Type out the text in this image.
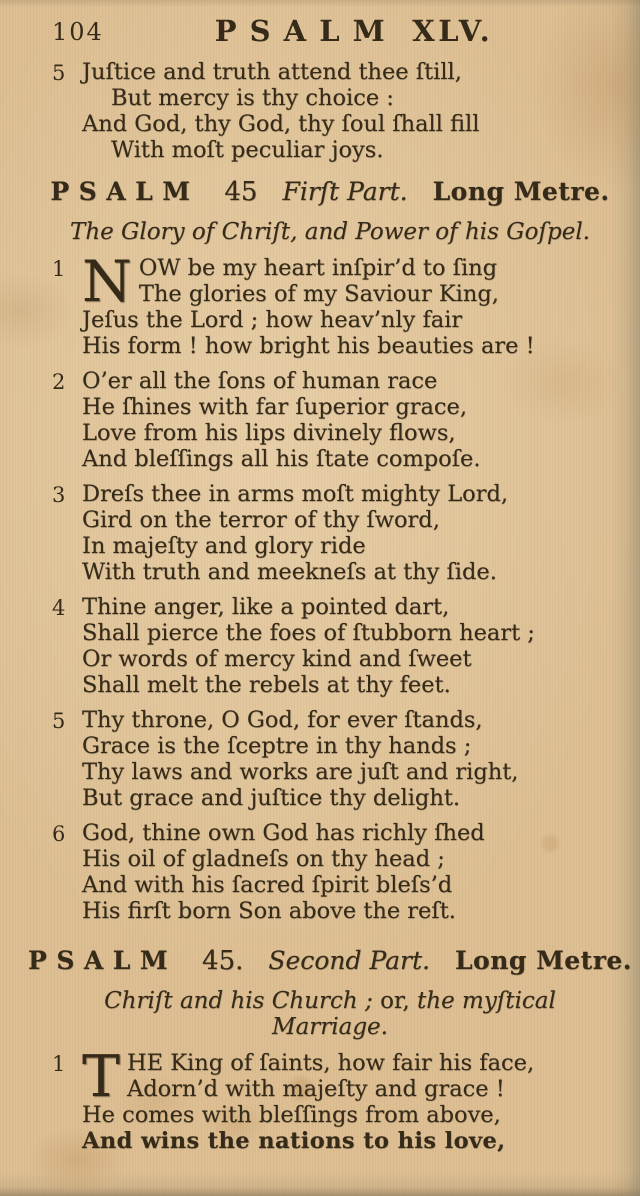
104	PSALM XLV.
5 Juſtice and truth attend thee ſtill,
But mercy is thy choice :
And God, thy God, thy ſoul ſhall fill
With moſt peculiar joys.
PSALM 45 Firſt Part. Long Metre.
The Glory of Chriſt, and Power of his Goſpel.
1 N OW be my heart inſpir’d to ſing
The glories of my Saviour King,
Jeſus the Lord ; how heav’nly fair
His form ! how bright his beauties are !
2 O’er all the ſons of human race
He ſhines with far ſuperior grace,
Love from his lips divinely flows,
And bleſſings all his ſtate compoſe.
3 Dreſs thee in arms moſt mighty Lord,
Gird on the terror of thy ſword,
In majeſty and glory ride
With truth and meekneſs at thy ſide.
4 Thine anger, like a pointed dart,
Shall pierce the foes of ſtubborn heart ;
Or words of mercy kind and ſweet
Shall melt the rebels at thy feet.
5 Thy throne, O God, for ever ſtands,
Grace is the ſceptre in thy hands ;
Thy laws and works are juſt and right,
But grace and juſtice thy delight.
6 God, thine own God has richly ſhed
His oil of gladneſs on thy head ;
And with his ſacred ſpirit bleſs’d
His firſt born Son above the reſt.
PSALM 45. Second Part. Long Metre.
Chriſt and his Church ; or, the myſtical Marriage.
1 T HE King of ſaints, how fair his face,
Adorn’d with majeſty and grace !
He comes with bleſſings from above,
And wins the nations to his love,
